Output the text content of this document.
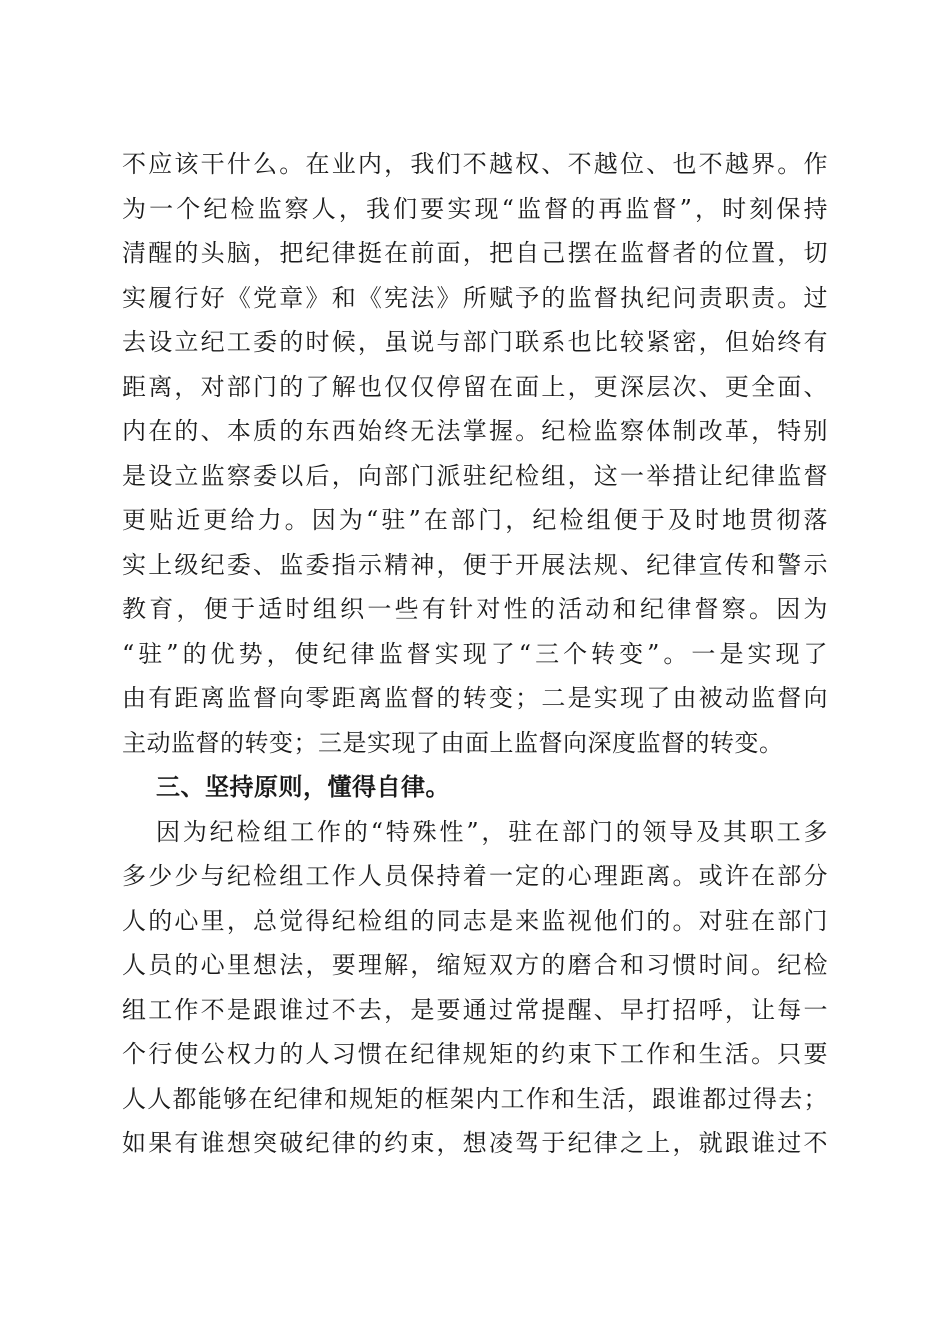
不应该干什么。在业内，我们不越权、不越位、也不越界。作
为一个纪检监察人，我们要实现“监督的再监督”，时刻保持
清醒的头脑，把纪律挺在前面，把自己摆在监督者的位置，切
实履行好《党章》和《宪法》所赋予的监督执纪问责职责。过
去设立纪工委的时候，虽说与部门联系也比较紧密，但始终有
距离，对部门的了解也仅仅停留在面上，更深层次、更全面、
内在的、本质的东西始终无法掌握。纪检监察体制改革，特别
是设立监察委以后，向部门派驻纪检组，这一举措让纪律监督
更贴近更给力。因为“驻”在部门，纪检组便于及时地贯彻落
实上级纪委、监委指示精神，便于开展法规、纪律宣传和警示
教育，便于适时组织一些有针对性的活动和纪律督察。因为
“驻”的优势，使纪律监督实现了“三个转变”。一是实现了
由有距离监督向零距离监督的转变；二是实现了由被动监督向
主动监督的转变；三是实现了由面上监督向深度监督的转变。
三、坚持原则，懂得自律。
因为纪检组工作的“特殊性”，驻在部门的领导及其职工多
多少少与纪检组工作人员保持着一定的心理距离。或许在部分
人的心里，总觉得纪检组的同志是来监视他们的。对驻在部门
人员的心里想法，要理解，缩短双方的磨合和习惯时间。纪检
组工作不是跟谁过不去，是要通过常提醒、早打招呼，让每一
个行使公权力的人习惯在纪律规矩的约束下工作和生活。只要
人人都能够在纪律和规矩的框架内工作和生活，跟谁都过得去；
如果有谁想突破纪律的约束，想凌驾于纪律之上，就跟谁过不
